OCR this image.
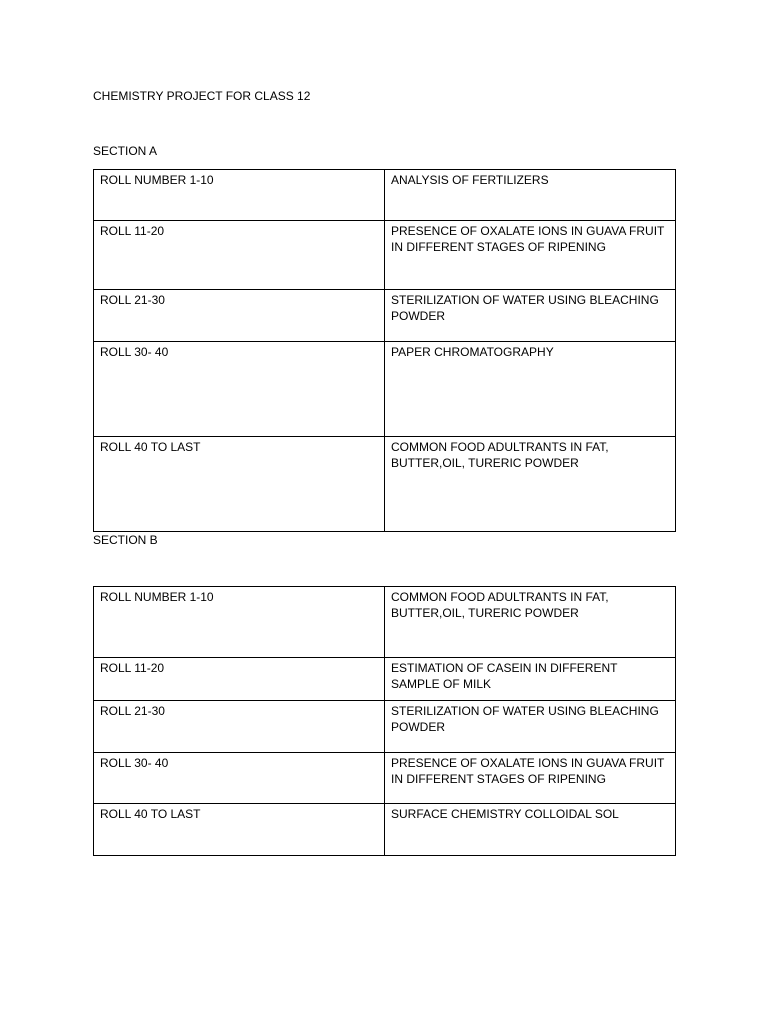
CHEMISTRY PROJECT FOR CLASS 12
SECTION A
ROLL NUMBER 1-10	ANALYSIS OF FERTILIZERS
ROLL 11-20	PRESENCE OF OXALATE IONS IN GUAVA FRUIT IN DIFFERENT STAGES OF RIPENING
ROLL 21-30	STERILIZATION OF WATER USING BLEACHING POWDER
ROLL 30- 40	PAPER CHROMATOGRAPHY
ROLL 40 TO LAST	COMMON FOOD ADULTRANTS IN FAT, BUTTER,OIL, TURERIC POWDER
SECTION B
ROLL NUMBER 1-10	COMMON FOOD ADULTRANTS IN FAT, BUTTER,OIL, TURERIC POWDER
ROLL 11-20	ESTIMATION OF CASEIN IN DIFFERENT SAMPLE OF MILK
ROLL 21-30	STERILIZATION OF WATER USING BLEACHING POWDER
ROLL 30- 40	PRESENCE OF OXALATE IONS IN GUAVA FRUIT IN DIFFERENT STAGES OF RIPENING
ROLL 40 TO LAST	SURFACE CHEMISTRY COLLOIDAL SOL
